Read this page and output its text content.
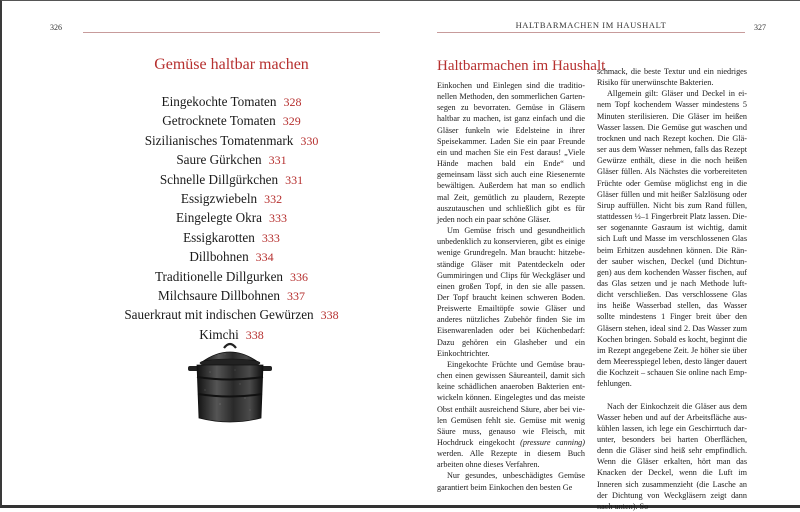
326
Gemüse haltbar machen
Eingekochte Tomaten 328
Getrocknete Tomaten 329
Sizilianisches Tomatenmark 330
Saure Gürkchen 331
Schnelle Dillgürkchen 331
Essigzwiebeln 332
Eingelegte Okra 333
Essigkarotten 333
Dillbohnen 334
Traditionelle Dillgurken 336
Milchsaure Dillbohnen 337
Sauerkraut mit indischen Gewürzen 338
Kimchi 338
HALTBARMACHEN IM HAUSHALT	327
Haltbarmachen im Haushalt

Einkochen und Einlegen sind die traditionellen Methoden, den sommerlichen Gartensegen zu bevorraten. Gemüse in Gläsern haltbar zu machen, ist ganz einfach und die Gläser funkeln wie Edelsteine in ihrer Speisekammer. Laden Sie ein paar Freunde ein und machen Sie ein Fest daraus! „Viele Hände machen bald ein Ende“ und gemeinsam lässt sich auch eine Riesenernte bewältigen. Außerdem hat man so endlich mal Zeit, gemütlich zu plaudern, Rezepte auszutauschen und schließlich gibt es für jeden noch ein paar schöne Gläser.

Um Gemüse frisch und gesundheitlich unbedenklich zu konservieren, gibt es einige wenige Grundregeln. Man braucht: hitzebeständige Gläser mit Patentdeckeln oder Gummiringen und Clips für Weckgläser und einen großen Topf, in den sie alle passen. Der Topf braucht keinen schweren Boden. Preiswerte Emailtöpfe sowie Gläser und anderes nützliches Zubehör finden Sie im Eisenwarenladen oder bei Küchenbedarf: Dazu gehören ein Glasheber und ein Einkochtrichter.

Eingekochte Früchte und Gemüse brauchen einen gewissen Säureanteil, damit sich keine schädlichen anaeroben Bakterien entwickeln können. Eingelegtes und das meiste Obst enthält ausreichend Säure, aber bei vielen Gemüsen fehlt sie. Gemüse mit wenig Säure muss, genauso wie Fleisch, mit Hochdruck eingekocht (pressure canning) werden. Alle Rezepte in diesem Buch arbeiten ohne dieses Verfahren.

Nur gesundes, unbeschädigtes Gemüse garantiert beim Einkochen den besten Ge

schmack, die beste Textur und ein niedriges Risiko für unerwünschte Bakterien.

Allgemein gilt: Gläser und Deckel in einem Topf kochendem Wasser mindestens 5 Minuten sterilisieren. Die Gläser im heißen Wasser lassen. Die Gemüse gut waschen und trocknen und nach Rezept kochen. Die Gläser aus dem Wasser nehmen, falls das Rezept Gewürze enthält, diese in die noch heißen Gläser füllen. Als Nächstes die vorbereiteten Früchte oder Gemüse möglichst eng in die Gläser füllen und mit heißer Salzlösung oder Sirup auffüllen. Nicht bis zum Rand füllen, stattdessen ½–1 Fingerbreit Platz lassen. Dieser sogenannte Gasraum ist wichtig, damit sich Luft und Masse im verschlossenen Glas beim Erhitzen ausdehnen können. Die Ränder sauber wischen, Deckel (und Dichtungen) aus dem kochenden Wasser fischen, auf das Glas setzen und je nach Methode luftdicht verschließen. Das verschlossene Glas ins heiße Wasserbad stellen, das Wasser sollte mindestens 1 Finger breit über den Gläsern stehen, ideal sind 2. Das Wasser zum Kochen bringen. Sobald es kocht, beginnt die im Rezept angegebene Zeit. Je höher sie über dem Meeresspiegel leben, desto länger dauert die Kochzeit – schauen Sie online nach Empfehlungen.

Nach der Einkochzeit die Gläser aus dem Wasser heben und auf der Arbeitsfläche auskühlen lassen, ich lege ein Geschirrtuch darunter, besonders bei harten Oberflächen, denn die Gläser sind heiß sehr empfindlich. Wenn die Gläser erkalten, hört man das Knacken der Deckel, wenn die Luft im Inneren sich zusammenzieht (die Lasche an der Dichtung von Weckgläsern zeigt dann nach unten). So
